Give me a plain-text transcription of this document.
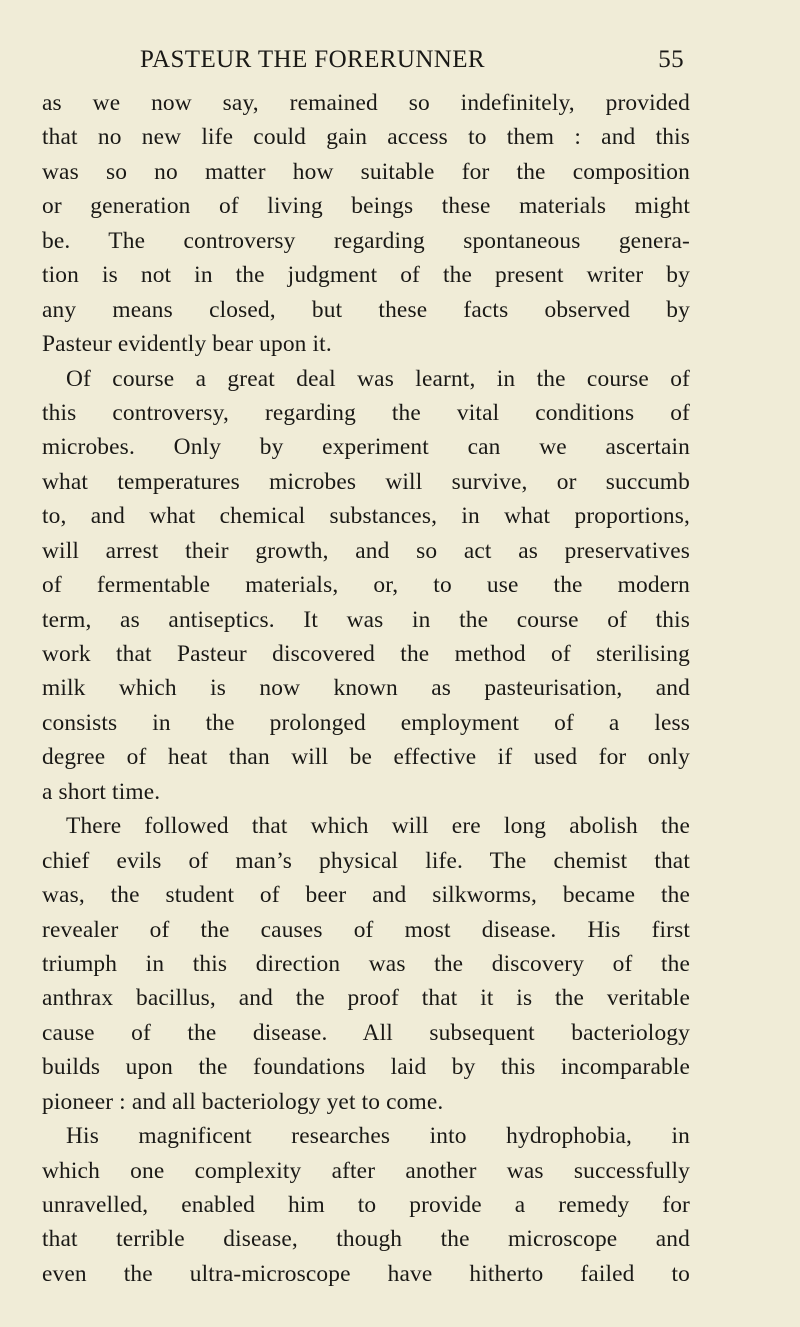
PASTEUR THE FORERUNNER	55
as we now say, remained so indefinitely, provided
that no new life could gain access to them : and this
was so no matter how suitable for the composition
or generation of living beings these materials might
be. The controversy regarding spontaneous genera-
tion is not in the judgment of the present writer by
any means closed, but these facts observed by
Pasteur evidently bear upon it.
Of course a great deal was learnt, in the course of
this controversy, regarding the vital conditions of
microbes. Only by experiment can we ascertain
what temperatures microbes will survive, or succumb
to, and what chemical substances, in what proportions,
will arrest their growth, and so act as preservatives
of fermentable materials, or, to use the modern
term, as antiseptics. It was in the course of this
work that Pasteur discovered the method of sterilising
milk which is now known as pasteurisation, and
consists in the prolonged employment of a less
degree of heat than will be effective if used for only
a short time.
There followed that which will ere long abolish the
chief evils of man’s physical life. The chemist that
was, the student of beer and silkworms, became the
revealer of the causes of most disease. His first
triumph in this direction was the discovery of the
anthrax bacillus, and the proof that it is the veritable
cause of the disease. All subsequent bacteriology
builds upon the foundations laid by this incomparable
pioneer : and all bacteriology yet to come.
His magnificent researches into hydrophobia, in
which one complexity after another was successfully
unravelled, enabled him to provide a remedy for
that terrible disease, though the microscope and
even the ultra-microscope have hitherto failed to
